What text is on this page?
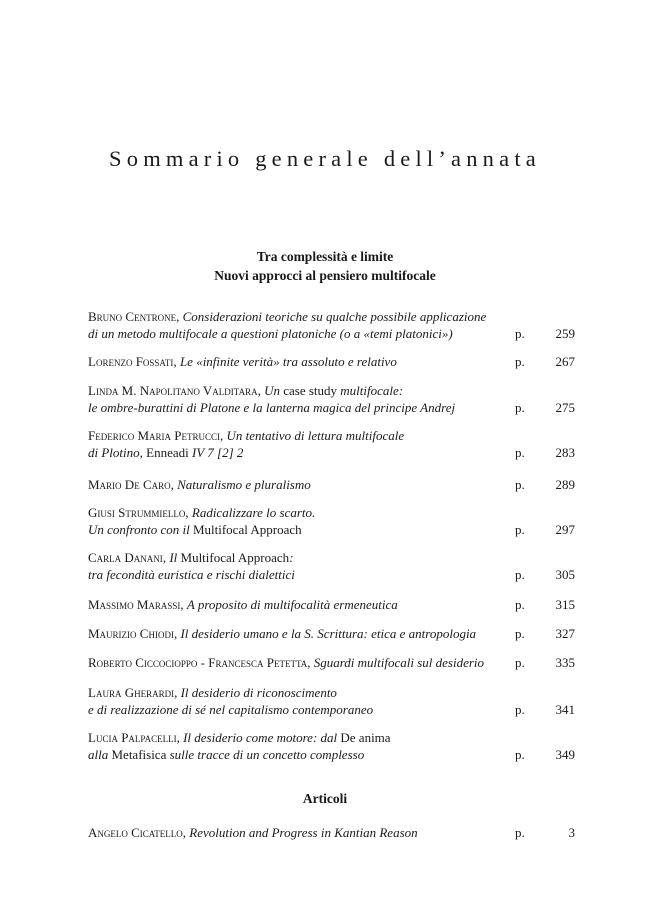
Sommario generale dell’annata
Tra complessità e limite
Nuovi approcci al pensiero multifocale
Bruno Centrone, Considerazioni teoriche su qualche possibile applicazione
di un metodo multifocale a questioni platoniche (o a «temi platonici»)	p. 259
Lorenzo Fossati, Le «infinite verità» tra assoluto e relativo	p. 267
Linda M. Napolitano Valditara, Un case study multifocale:
le ombre-burattini di Platone e la lanterna magica del principe Andrej	p. 275
Federico Maria Petrucci, Un tentativo di lettura multifocale
di Plotino, Enneadi IV 7 [2] 2	p. 283
Mario De Caro, Naturalismo e pluralismo	p. 289
Giusi Strummiello, Radicalizzare lo scarto.
Un confronto con il Multifocal Approach	p. 297
Carla Danani, Il Multifocal Approach:
tra fecondità euristica e rischi dialettici	p. 305
Massimo Marassi, A proposito di multifocalità ermeneutica	p. 315
Maurizio Chiodi, Il desiderio umano e la S. Scrittura: etica e antropologia	p. 327
Roberto Ciccocioppo - Francesca Petetta, Sguardi multifocali sul desiderio	p. 335
Laura Gherardi, Il desiderio di riconoscimento
e di realizzazione di sé nel capitalismo contemporaneo	p. 341
Lucia Palpacelli, Il desiderio come motore: dal De anima
alla Metafisica sulle tracce di un concetto complesso	p. 349
Articoli
Angelo Cicatello, Revolution and Progress in Kantian Reason	p.	3
